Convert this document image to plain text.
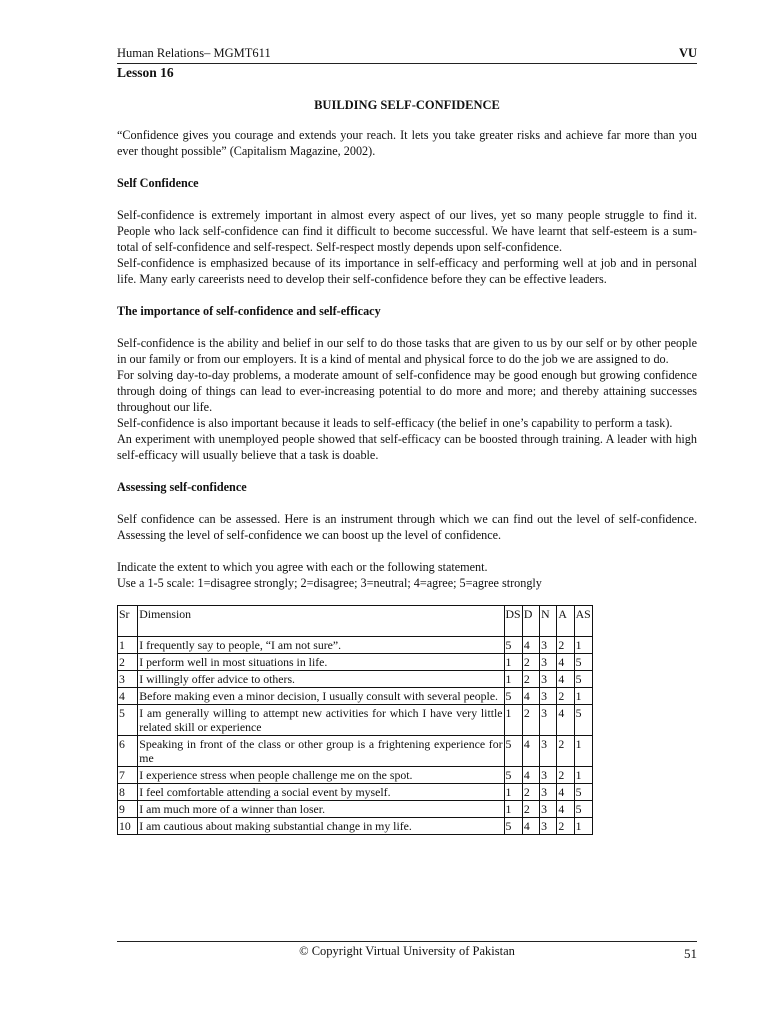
Human Relations– MGMT611	VU
Lesson 16
BUILDING SELF-CONFIDENCE

“Confidence gives you courage and extends your reach. It lets you take greater risks and achieve far more than you ever thought possible” (Capitalism Magazine, 2002).

Self Confidence

Self-confidence is extremely important in almost every aspect of our lives, yet so many people struggle to find it. People who lack self-confidence can find it difficult to become successful. We have learnt that self-esteem is a sum-total of self-confidence and self-respect. Self-respect mostly depends upon self-confidence.

Self-confidence is emphasized because of its importance in self-efficacy and performing well at job and in personal life. Many early careerists need to develop their self-confidence before they can be effective leaders.

The importance of self-confidence and self-efficacy

Self-confidence is the ability and belief in our self to do those tasks that are given to us by our self or by other people in our family or from our employers. It is a kind of mental and physical force to do the job we are assigned to do.

For solving day-to-day problems, a moderate amount of self-confidence may be good enough but growing confidence through doing of things can lead to ever-increasing potential to do more and more; and thereby attaining successes throughout our life.

Self-confidence is also important because it leads to self-efficacy (the belief in one’s capability to perform a task).

An experiment with unemployed people showed that self-efficacy can be boosted through training. A leader with high self-efficacy will usually believe that a task is doable.

Assessing self-confidence

Self confidence can be assessed. Here is an instrument through which we can find out the level of self-confidence. Assessing the level of self-confidence we can boost up the level of confidence.

Indicate the extent to which you agree with each or the following statement.

Use a 1-5 scale: 1=disagree strongly; 2=disagree; 3=neutral; 4=agree; 5=agree strongly

Sr	Dimension	DS	D	N	A	AS
1	I frequently say to people, “I am not sure”.	5	4	3	2	1
2	I perform well in most situations in life.	1	2	3	4	5
3	I willingly offer advice to others.	1	2	3	4	5
4	Before making even a minor decision, I usually consult with several people.	5	4	3	2	1
5	I am generally willing to attempt new activities for which I have very little related skill or experience	1	2	3	4	5
6	Speaking in front of the class or other group is a frightening experience for me	5	4	3	2	1
7	I experience stress when people challenge me on the spot.	5	4	3	2	1
8	I feel comfortable attending a social event by myself.	1	2	3	4	5
9	I am much more of a winner than loser.	1	2	3	4	5
10	I am cautious about making substantial change in my life.	5	4	3	2	1
© Copyright Virtual University of Pakistan	51
